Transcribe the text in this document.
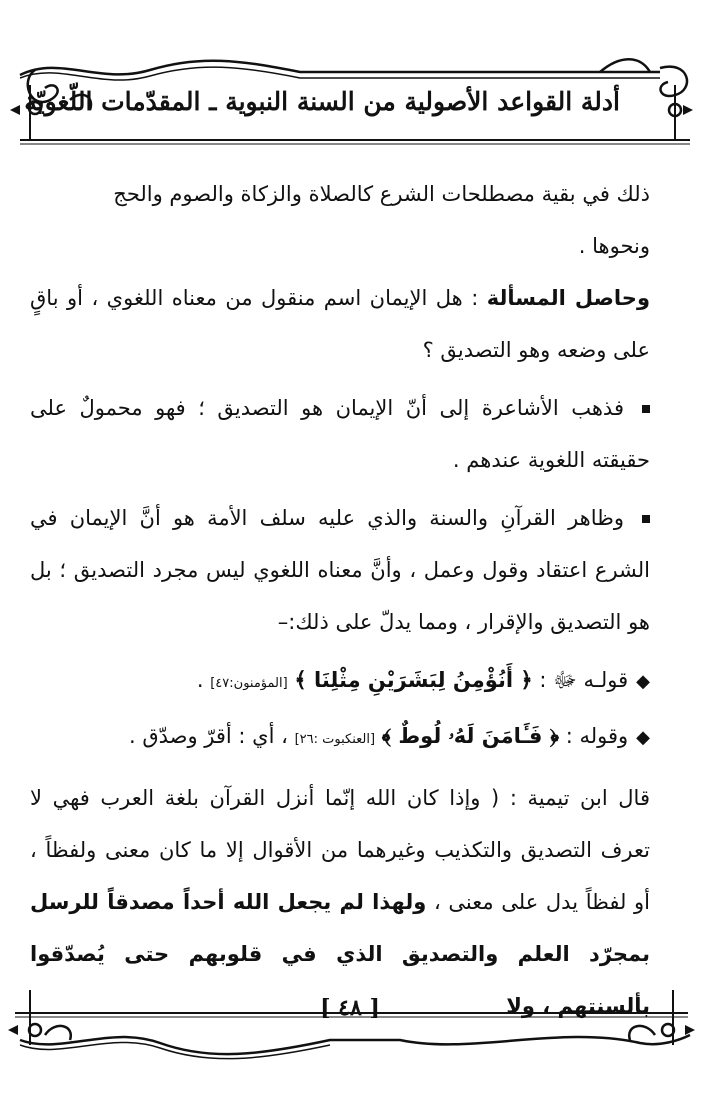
أدلة القواعد الأصولية من السنة النبوية ـ المقدّمات اللّغويّة

ذلك في بقية مصطلحات الشرع كالصلاة والزكاة والصوم والحج
ونحوها .

وحاصل المسألة : هل الإيمان اسم منقول من معناه اللغوي ، أو باقٍ على وضعه وهو التصديق ؟

فذهب الأشاعرة إلى أنّ الإيمان هو التصديق ؛ فهو محمولٌ على حقيقته اللغوية عندهم .

وظاهر القرآنِ والسنة والذي عليه سلف الأمة هو أنَّ الإيمان في الشرع اعتقاد وقول وعمل ، وأنَّ معناه اللغوي ليس مجرد التصديق ؛ بل هو التصديق والإقرار ، ومما يدلّ على ذلك:–

◆قولـه ﷻ : ﴿ أَنُؤْمِنُ لِبَشَرَيْنِ مِثْلِنَا ﴾ [المؤمنون:٤٧] .

◆وقوله : ﴿ فَـَٔامَنَ لَهُۥ لُوطٌ ﴾ [العنكبوت :٢٦] ، أي : أقرّ وصدّق .

قال ابن تيمية : ( وإذا كان الله إنّما أنزل القرآن بلغة العرب فهي لا تعرف التصديق والتكذيب وغيرهما من الأقوال إلا ما كان معنى ولفظاً ، أو لفظاً يدل على معنى ، ولهذا لم يجعل الله أحداً مصدقاً للرسل بمجرّد العلم والتصديق الذي في قلوبهم حتى يُصدّقوا بألسنتهم ، ولا

[ ٤٨ ]
